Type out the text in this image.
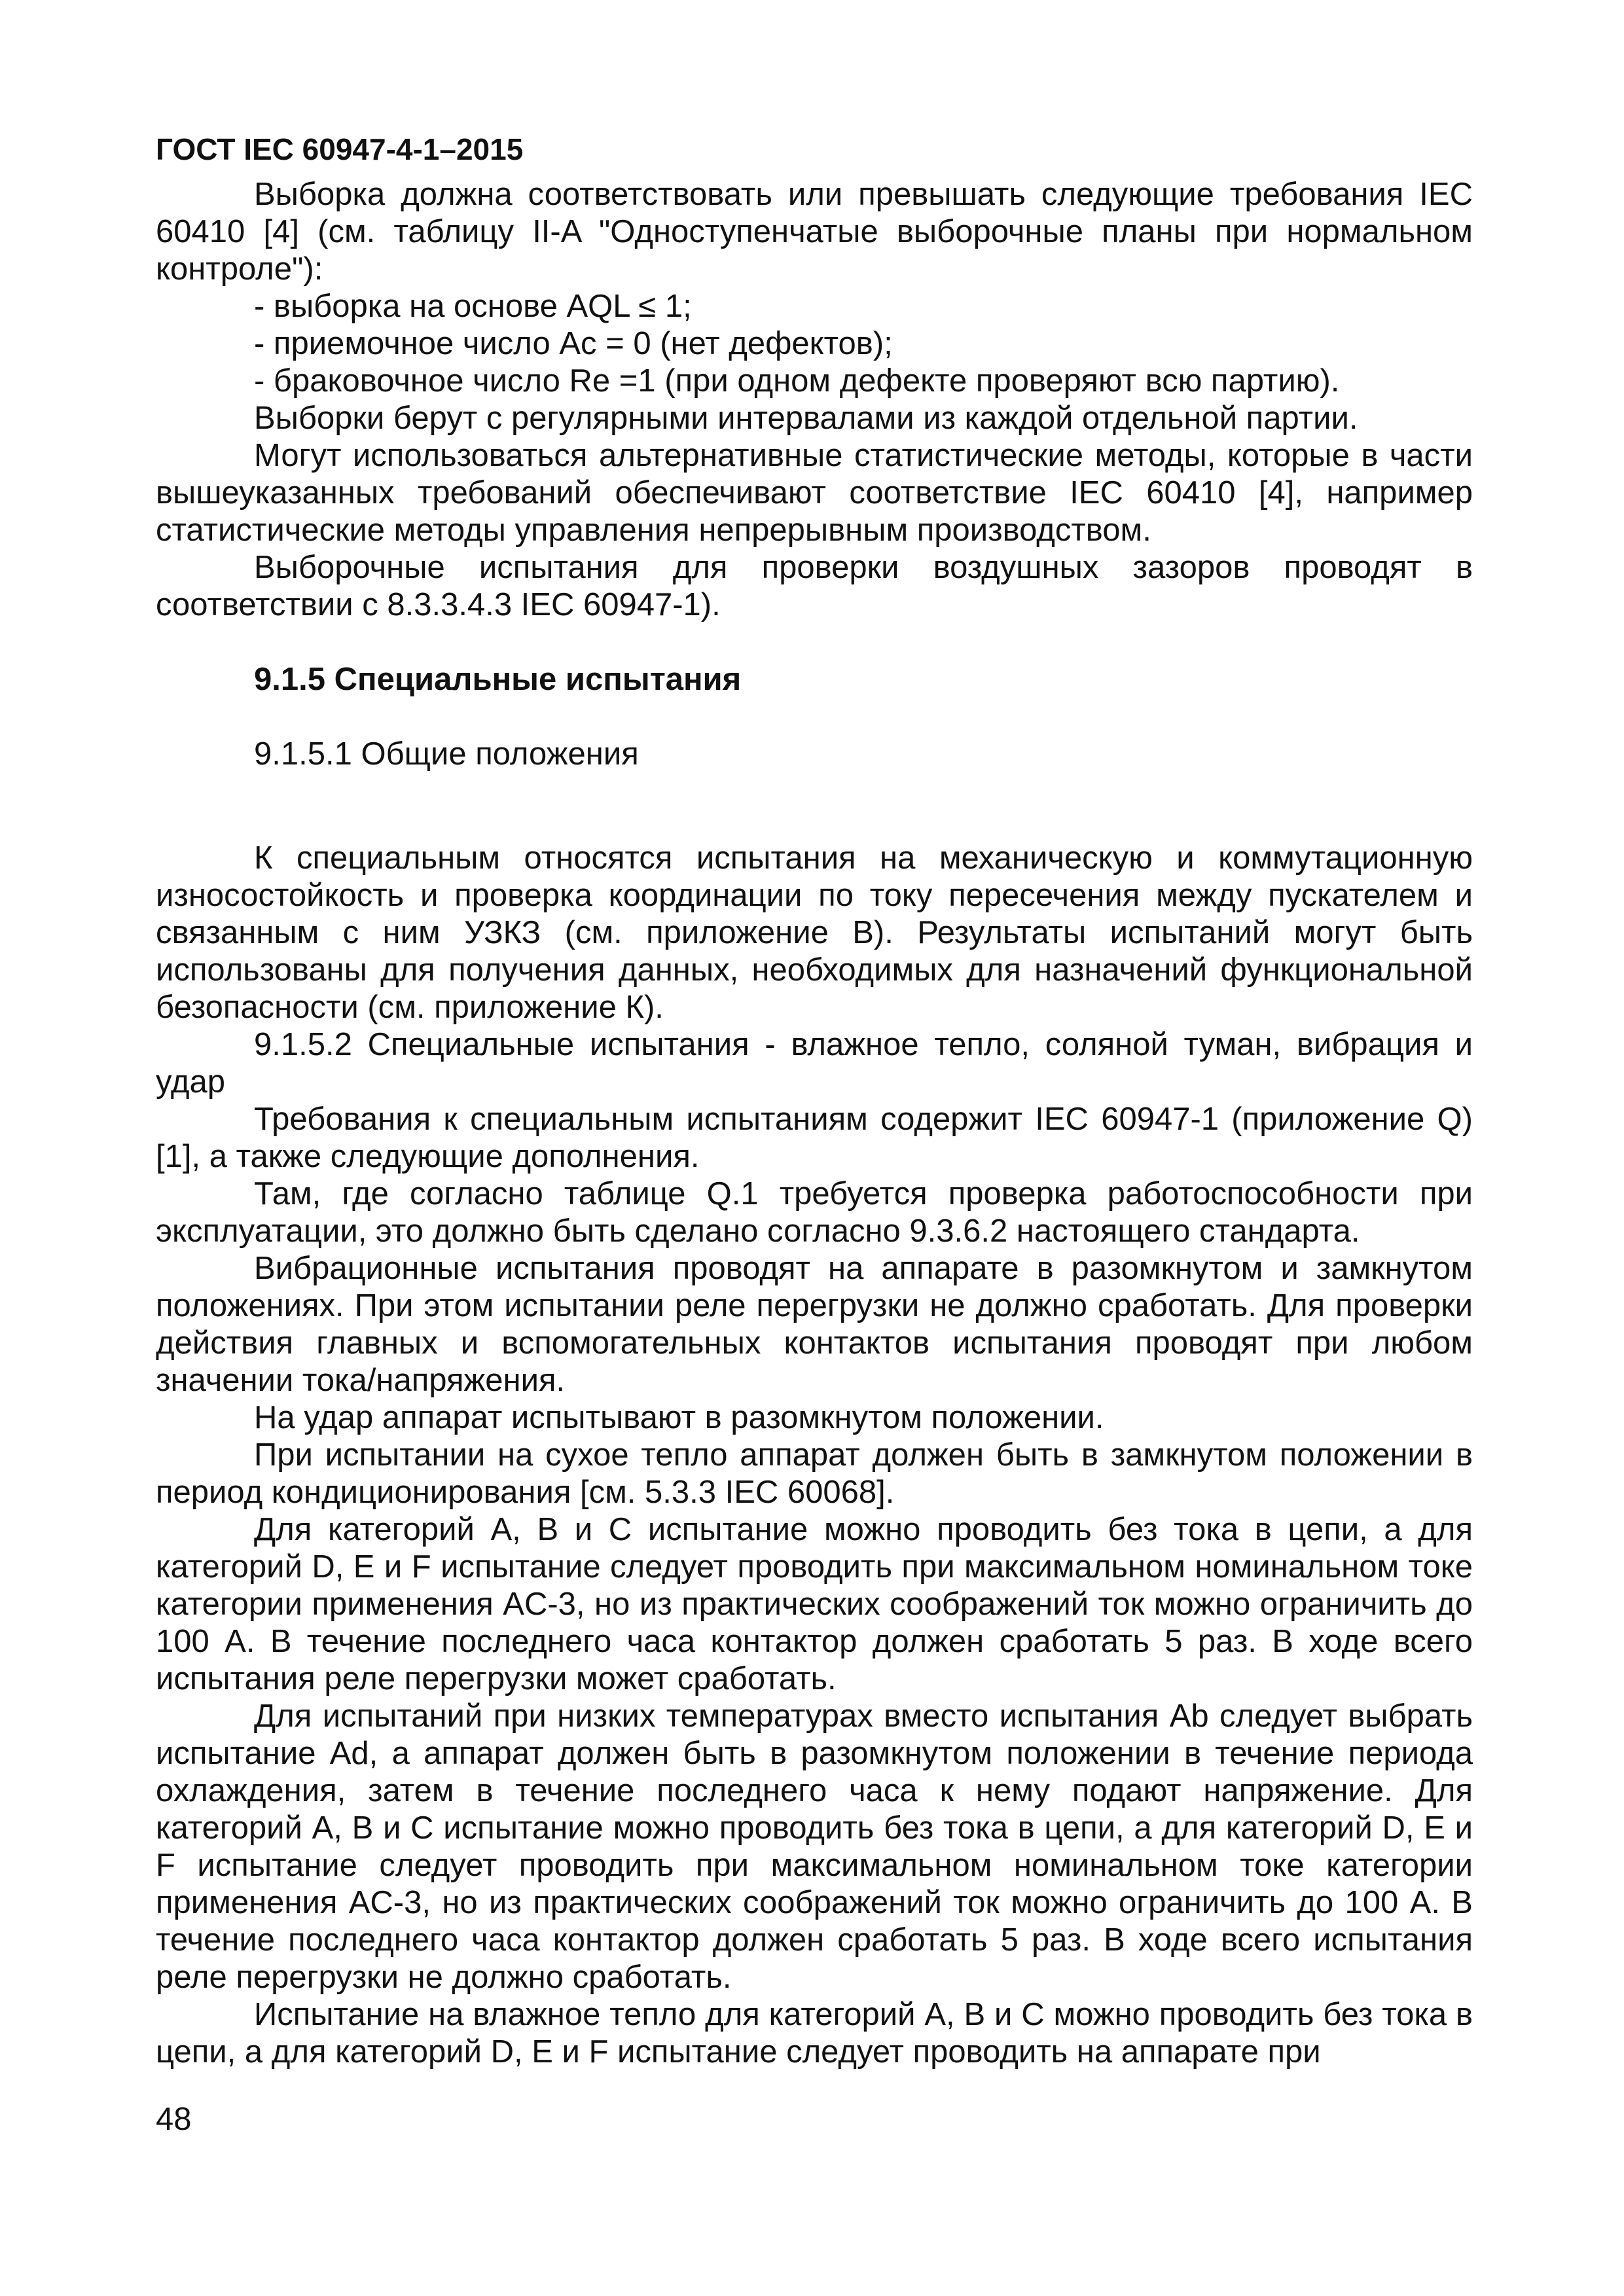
ГОСТ IEC 60947-4-1–2015

Выборка должна соответствовать или превышать следующие требования IEC 60410 [4] (см. таблицу II-A "Одноступенчатые выборочные планы при нормальном контроле"):

- выборка на основе AQL ≤ 1;

- приемочное число Ac = 0 (нет дефектов);

- браковочное число Re =1 (при одном дефекте проверяют всю партию).

Выборки берут с регулярными интервалами из каждой отдельной партии.

Могут использоваться альтернативные статистические методы, которые в части вышеуказанных требований обеспечивают соответствие IEC 60410 [4], например статистические методы управления непрерывным производством.

Выборочные испытания для проверки воздушных зазоров проводят в соответствии с 8.3.3.4.3 IEC 60947-1).

9.1.5 Специальные испытания

9.1.5.1 Общие положения

К специальным относятся испытания на механическую и коммутационную износостойкость и проверка координации по току пересечения между пускателем и связанным с ним УЗКЗ (см. приложение В). Результаты испытаний могут быть использованы для получения данных, необходимых для назначений функциональной безопасности (см. приложение К).

9.1.5.2 Специальные испытания - влажное тепло, соляной туман, вибрация и удар

Требования к специальным испытаниям содержит IEC 60947-1 (приложение Q) [1], а также следующие дополнения.

Там, где согласно таблице Q.1 требуется проверка работоспособности при эксплуатации, это должно быть сделано согласно 9.3.6.2 настоящего стандарта.

Вибрационные испытания проводят на аппарате в разомкнутом и замкнутом положениях. При этом испытании реле перегрузки не должно сработать. Для проверки действия главных и вспомогательных контактов испытания проводят при любом значении тока/напряжения.

На удар аппарат испытывают в разомкнутом положении.

При испытании на сухое тепло аппарат должен быть в замкнутом положении в период кондиционирования [см. 5.3.3 IEC 60068].

Для категорий A, B и C испытание можно проводить без тока в цепи, а для категорий D, E и F испытание следует проводить при максимальном номинальном токе категории применения AC-3, но из практических соображений ток можно ограничить до 100 А. В течение последнего часа контактор должен сработать 5 раз. В ходе всего испытания реле перегрузки может сработать.

Для испытаний при низких температурах вместо испытания Ab следует выбрать испытание Ad, а аппарат должен быть в разомкнутом положении в течение периода охлаждения, затем в течение последнего часа к нему подают напряжение. Для категорий A, B и C испытание можно проводить без тока в цепи, а для категорий D, E и F испытание следует проводить при максимальном номинальном токе категории применения AC-3, но из практических соображений ток можно ограничить до 100 А. В течение последнего часа контактор должен сработать 5 раз. В ходе всего испытания реле перегрузки не должно сработать.

Испытание на влажное тепло для категорий A, B и C можно проводить без тока в цепи, а для категорий D, E и F испытание следует проводить на аппарате при

48
